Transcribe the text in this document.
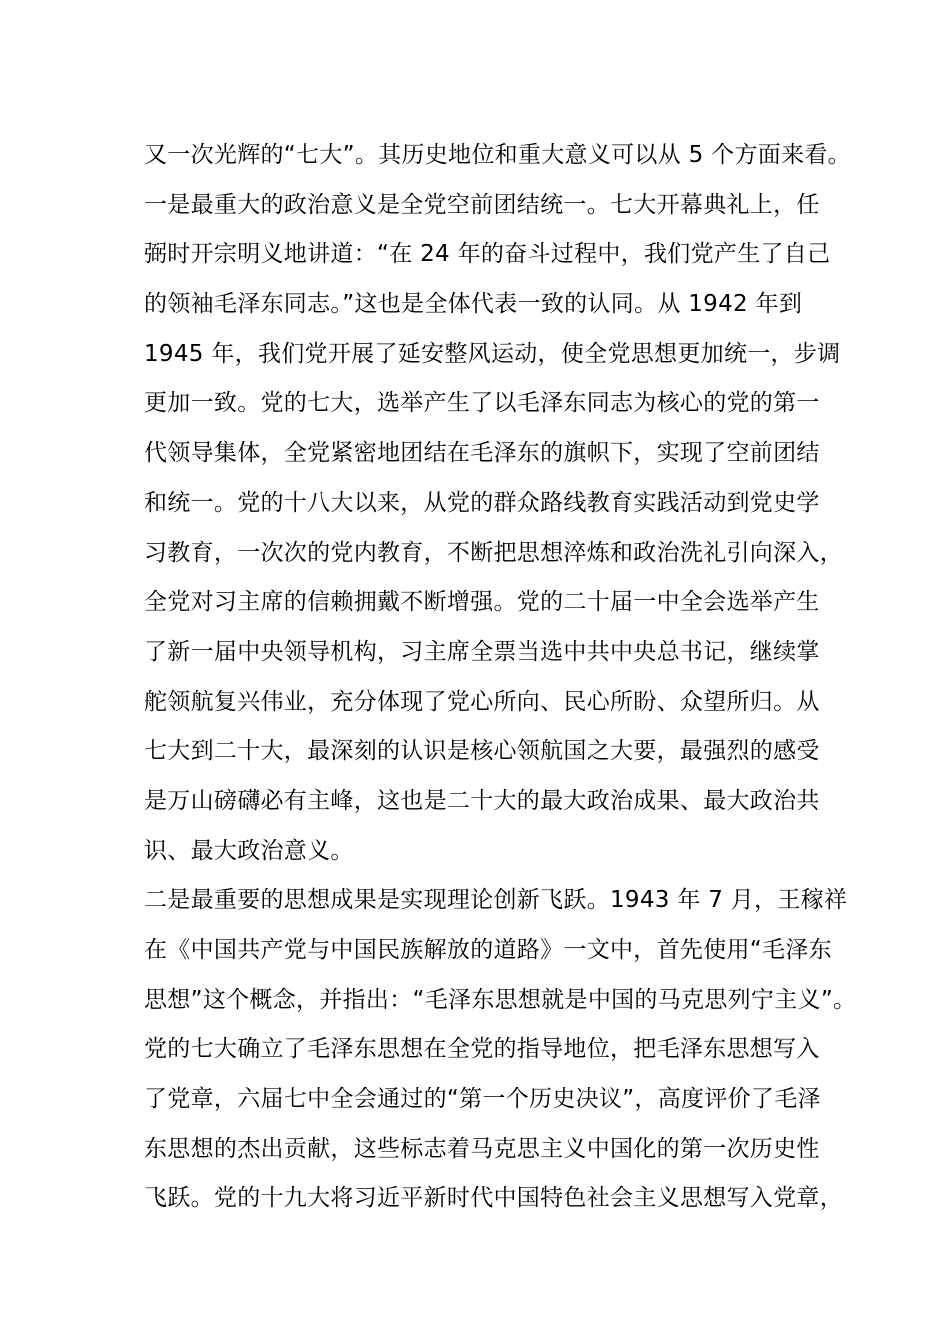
又一次光辉的“七大”。其历史地位和重大意义可以从 5 个方面来看。
一是最重大的政治意义是全党空前团结统一。七大开幕典礼上，任
弼时开宗明义地讲道：“在 24 年的奋斗过程中，我们党产生了自己
的领袖毛泽东同志。”这也是全体代表一致的认同。从 1942 年到
1945 年，我们党开展了延安整风运动，使全党思想更加统一，步调
更加一致。党的七大，选举产生了以毛泽东同志为核心的党的第一
代领导集体，全党紧密地团结在毛泽东的旗帜下，实现了空前团结
和统一。党的十八大以来，从党的群众路线教育实践活动到党史学
习教育，一次次的党内教育，不断把思想淬炼和政治洗礼引向深入，
全党对习主席的信赖拥戴不断增强。党的二十届一中全会选举产生
了新一届中央领导机构，习主席全票当选中共中央总书记，继续掌
舵领航复兴伟业，充分体现了党心所向、民心所盼、众望所归。从
七大到二十大，最深刻的认识是核心领航国之大要，最强烈的感受
是万山磅礴必有主峰，这也是二十大的最大政治成果、最大政治共
识、最大政治意义。
二是最重要的思想成果是实现理论创新飞跃。1943 年 7 月，王稼祥
在《中国共产党与中国民族解放的道路》一文中，首先使用“毛泽东
思想”这个概念，并指出：“毛泽东思想就是中国的马克思列宁主义”。
党的七大确立了毛泽东思想在全党的指导地位，把毛泽东思想写入
了党章，六届七中全会通过的“第一个历史决议”，高度评价了毛泽
东思想的杰出贡献，这些标志着马克思主义中国化的第一次历史性
飞跃。党的十九大将习近平新时代中国特色社会主义思想写入党章，
